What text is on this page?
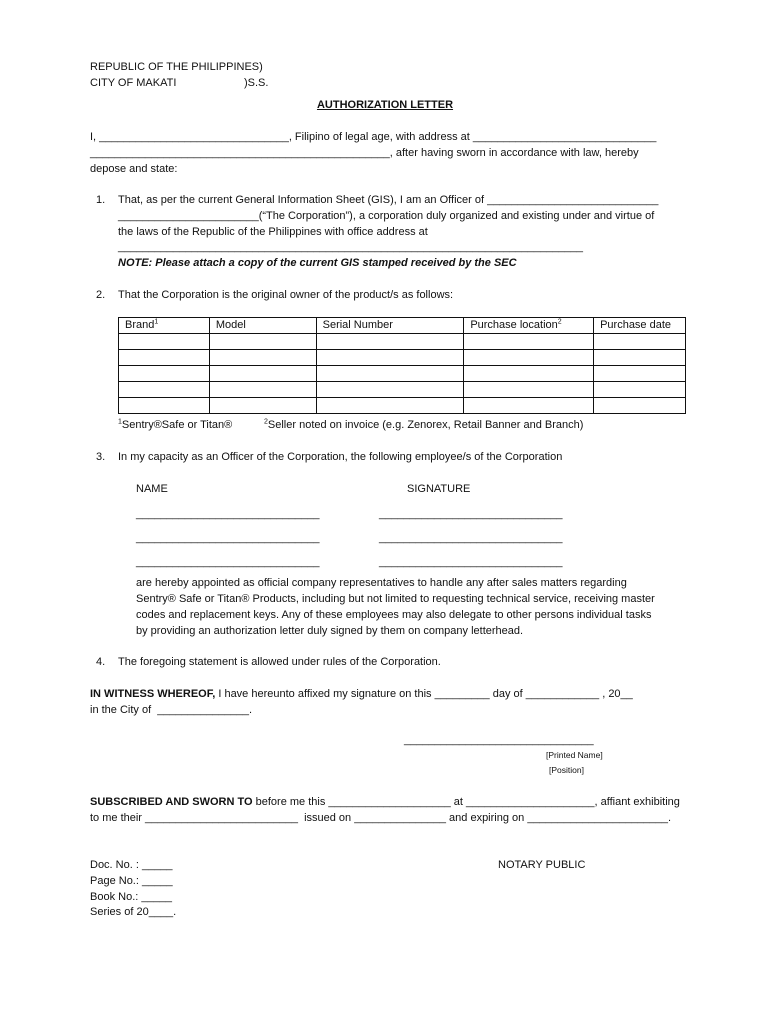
REPUBLIC OF THE PHILIPPINES)
CITY OF MAKATI	)S.S.
AUTHORIZATION LETTER
I, _______________________________, Filipino of legal age, with address at ______________________________
_________________________________________________, after having sworn in accordance with law, hereby
depose and state:
1. That, as per the current General Information Sheet (GIS), I am an Officer of ____________________________
_______________________(“The Corporation”), a corporation duly organized and existing under and virtue of
the laws of the Republic of the Philippines with office address at
____________________________________________________________________________
NOTE: Please attach a copy of the current GIS stamped received by the SEC
2. That the Corporation is the original owner of the product/s as follows:
Brand$^1$	Model	Serial Number	Purchase location$^2$	Purchase date

$^1$Sentry®Safe or Titan®	$^2$Seller noted on invoice (e.g. Zenorex, Retail Banner and Branch)
3. In my capacity as an Officer of the Corporation, the following employee/s of the Corporation
NAME	SIGNATURE
______________________________	______________________________
______________________________	______________________________
______________________________	______________________________
are hereby appointed as official company representatives to handle any after sales matters regarding
Sentry® Safe or Titan® Products, including but not limited to requesting technical service, receiving master
codes and replacement keys. Any of these employees may also delegate to other persons individual tasks
by providing an authorization letter duly signed by them on company letterhead.
4. The foregoing statement is allowed under rules of the Corporation.
IN WITNESS WHEREOF, I have hereunto affixed my signature on this _________ day of ____________ , 20__
in the City of  _______________.
_______________________________
[Printed Name]
[Position]
SUBSCRIBED AND SWORN TO before me this ____________________ at _____________________, affiant exhibiting
to me their _________________________  issued on _______________ and expiring on _______________________.
Doc. No. : _____
Page No.: _____
Book No.: _____
Series of 20____.
NOTARY PUBLIC
